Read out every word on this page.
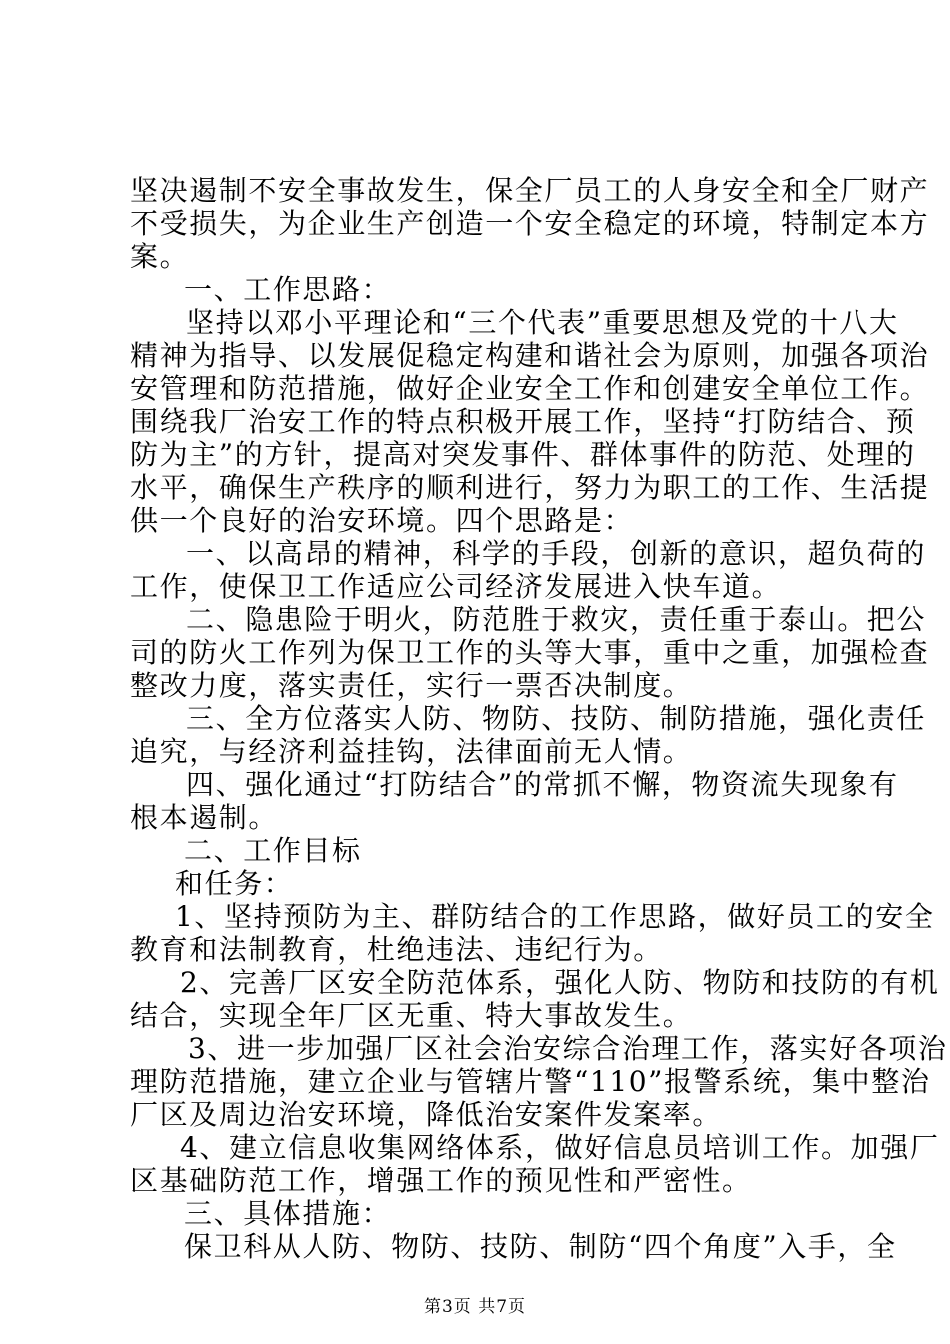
坚决遏制不安全事故发生，保全厂员工的人身安全和全厂财产
不受损失，为企业生产创造一个安全稳定的环境，特制定本方
案。
一、工作思路：
坚持以邓小平理论和“三个代表”重要思想及党的十八大
精神为指导、以发展促稳定构建和谐社会为原则，加强各项治
安管理和防范措施，做好企业安全工作和创建安全单位工作。
围绕我厂治安工作的特点积极开展工作，坚持“打防结合、预
防为主”的方针，提高对突发事件、群体事件的防范、处理的
水平，确保生产秩序的顺利进行，努力为职工的工作、生活提
供一个良好的治安环境。四个思路是：
一、以高昂的精神，科学的手段，创新的意识，超负荷的
工作，使保卫工作适应公司经济发展进入快车道。
二、隐患险于明火，防范胜于救灾，责任重于泰山。把公
司的防火工作列为保卫工作的头等大事，重中之重，加强检查
整改力度，落实责任，实行一票否决制度。
三、全方位落实人防、物防、技防、制防措施，强化责任
追究，与经济利益挂钩，法律面前无人情。
四、强化通过“打防结合”的常抓不懈，物资流失现象有
根本遏制。
二、工作目标
和任务：
1、坚持预防为主、群防结合的工作思路，做好员工的安全
教育和法制教育，杜绝违法、违纪行为。
2、完善厂区安全防范体系，强化人防、物防和技防的有机
结合，实现全年厂区无重、特大事故发生。
3、进一步加强厂区社会治安综合治理工作，落实好各项治
理防范措施，建立企业与管辖片警“110”报警系统，集中整治
厂区及周边治安环境，降低治安案件发案率。
4、建立信息收集网络体系，做好信息员培训工作。加强厂
区基础防范工作，增强工作的预见性和严密性。
三、具体措施：
第3页 共7页
保卫科从人防、物防、技防、制防“四个角度”入手，全
